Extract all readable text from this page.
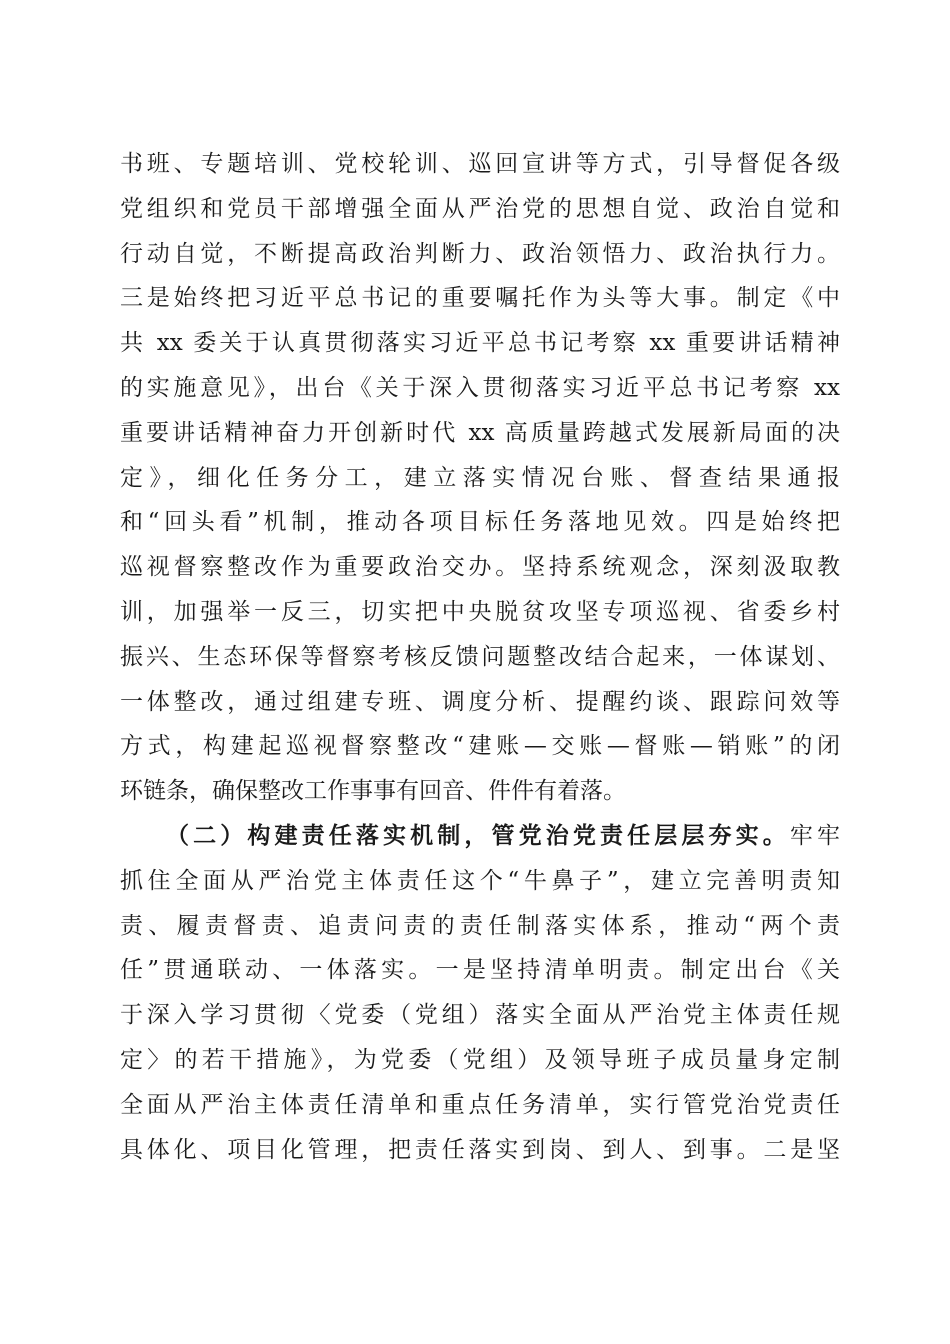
书班、专题培训、党校轮训、巡回宣讲等方式，引导督促各级
党组织和党员干部增强全面从严治党的思想自觉、政治自觉和
行动自觉，不断提高政治判断力、政治领悟力、政治执行力。
三是始终把习近平总书记的重要嘱托作为头等大事。制定《中
共 xx 委关于认真贯彻落实习近平总书记考察 xx 重要讲话精神
的实施意见》，出台《关于深入贯彻落实习近平总书记考察 xx
重要讲话精神奋力开创新时代 xx 高质量跨越式发展新局面的决
定》，细化任务分工，建立落实情况台账、督查结果通报
和“回头看”机制，推动各项目标任务落地见效。四是始终把
巡视督察整改作为重要政治交办。坚持系统观念，深刻汲取教
训，加强举一反三，切实把中央脱贫攻坚专项巡视、省委乡村
振兴、生态环保等督察考核反馈问题整改结合起来，一体谋划、
一体整改，通过组建专班、调度分析、提醒约谈、跟踪问效等
方式，构建起巡视督察整改“建账—交账—督账—销账”的闭
环链条，确保整改工作事事有回音、件件有着落。
（二）构建责任落实机制，管党治党责任层层夯实。牢牢
抓住全面从严治党主体责任这个“牛鼻子”，建立完善明责知
责、履责督责、追责问责的责任制落实体系，推动“两个责
任”贯通联动、一体落实。一是坚持清单明责。制定出台《关
于深入学习贯彻〈党委（党组）落实全面从严治党主体责任规
定〉的若干措施》，为党委（党组）及领导班子成员量身定制
全面从严治主体责任清单和重点任务清单，实行管党治党责任
具体化、项目化管理，把责任落实到岗、到人、到事。二是坚
